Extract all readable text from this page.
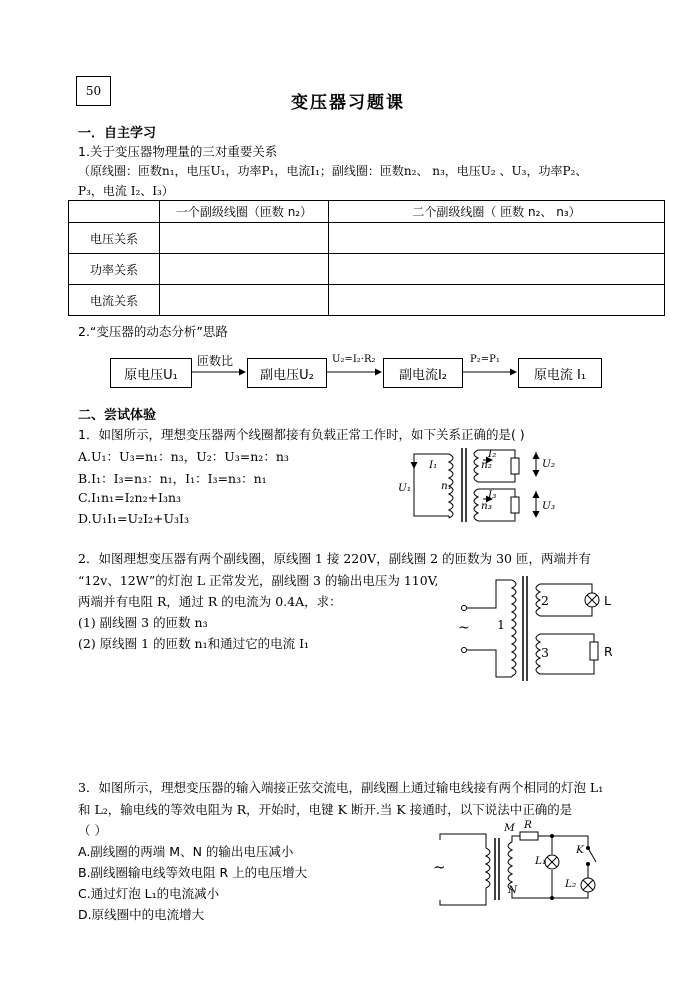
50
变压器习题课
一．自主学习
1.关于变压器物理量的三对重要关系
（原线圈：匝数n₁，电压U₁，功率P₁，电流I₁；副线圈：匝数n₂、 n₃，电压U₂ 、U₃，功率P₂、
P₃，电流 I₂、I₃）
	一个副级线圈（匝数 n₂）	二个副级线圈（ 匝数 n₂、 n₃）
电压关系		
功率关系		
电流关系		
2.“变压器的动态分析”思路
原电压U₁	副电压U₂	副电流I₂	原电流 I₁
匝数比	U₂=I₂·R₂	P₂=P₁
二、尝试体验
1．如图所示，理想变压器两个线圈都接有负载正常工作时，如下关系正确的是( )
A.U₁：U₃=n₁：n₃，U₂：U₃=n₂：n₃
B.I₁：I₃=n₃：n₁，I₁：I₃=n₃：n₁
C.I₁n₁=I₂n₂+I₃n₃
D.U₁I₁=U₂I₂+U₃I₃
I₁
U₁	n₁
I₂
n₂	U₂
I₃
n₃	U₃
2．如图理想变压器有两个副线圈，原线圈 1 接 220V，副线圈 2 的匝数为 30 匝，两端并有
“12v、12W”的灯泡 L 正常发光，副线圈 3 的输出电压为 110V,
两端并有电阻 R，通过 R 的电流为 0.4A，求：
(1) 副线圈 3 的匝数 n₃
(2) 原线圈 1 的匝数 n₁和通过它的电流 I₁
~ 1
2
3
L
R
3．如图所示，理想变压器的输入端接正弦交流电，副线圈上通过输电线接有两个相同的灯泡 L₁
和 L₂，输电线的等效电阻为 R，开始时，电键 K 断开.当 K 接通时，以下说法中正确的是
（ ）
A.副线圈的两端 M、N 的输出电压减小
B.副线圈输电线等效电阻 R 上的电压增大
C.通过灯泡 L₁的电流减小
D.原线圈中的电流增大
~
M
N
R
K
L₁
L₂
